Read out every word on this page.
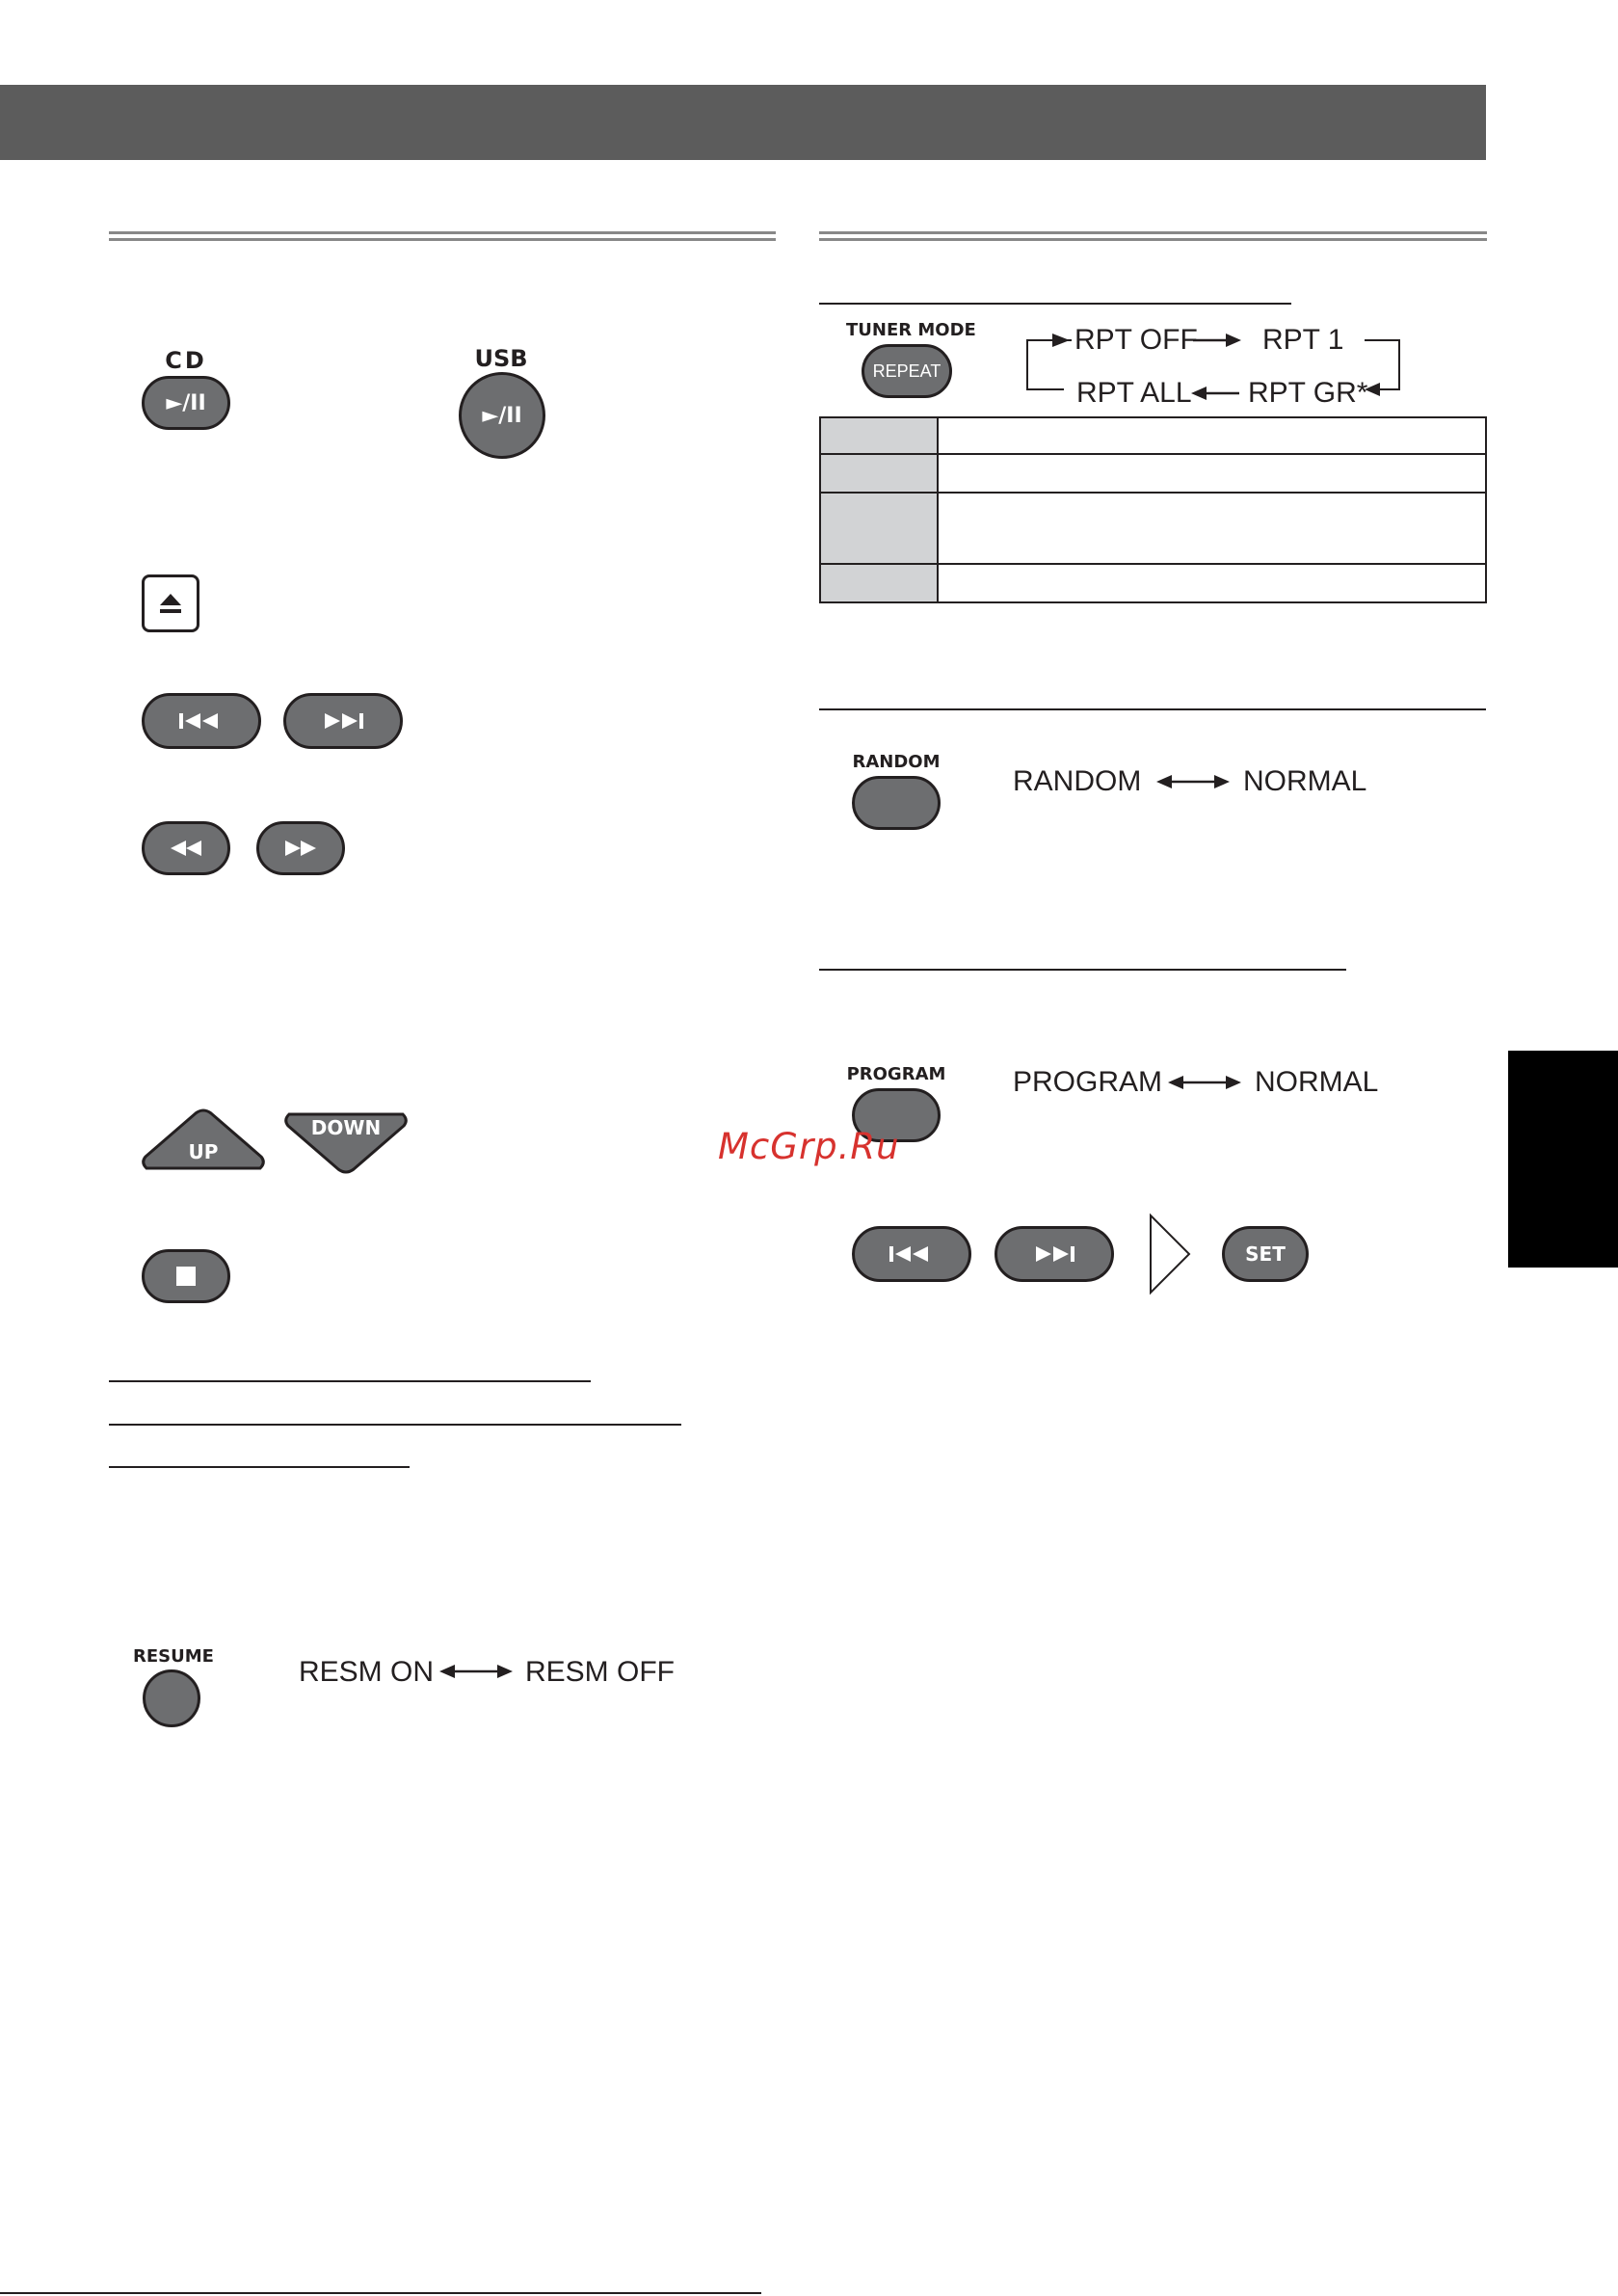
CD
►/II
USB
►/II
UP
DOWN
RESUME	RESM ON	RESM OFF
TUNER MODE
REPEAT
RPT OFF RPT 1
RPT GR*
RPT ALL

RANDOM
RANDOM	NORMAL
PROGRAM	PROGRAM	NORMAL
SET
McGrp.Ru
